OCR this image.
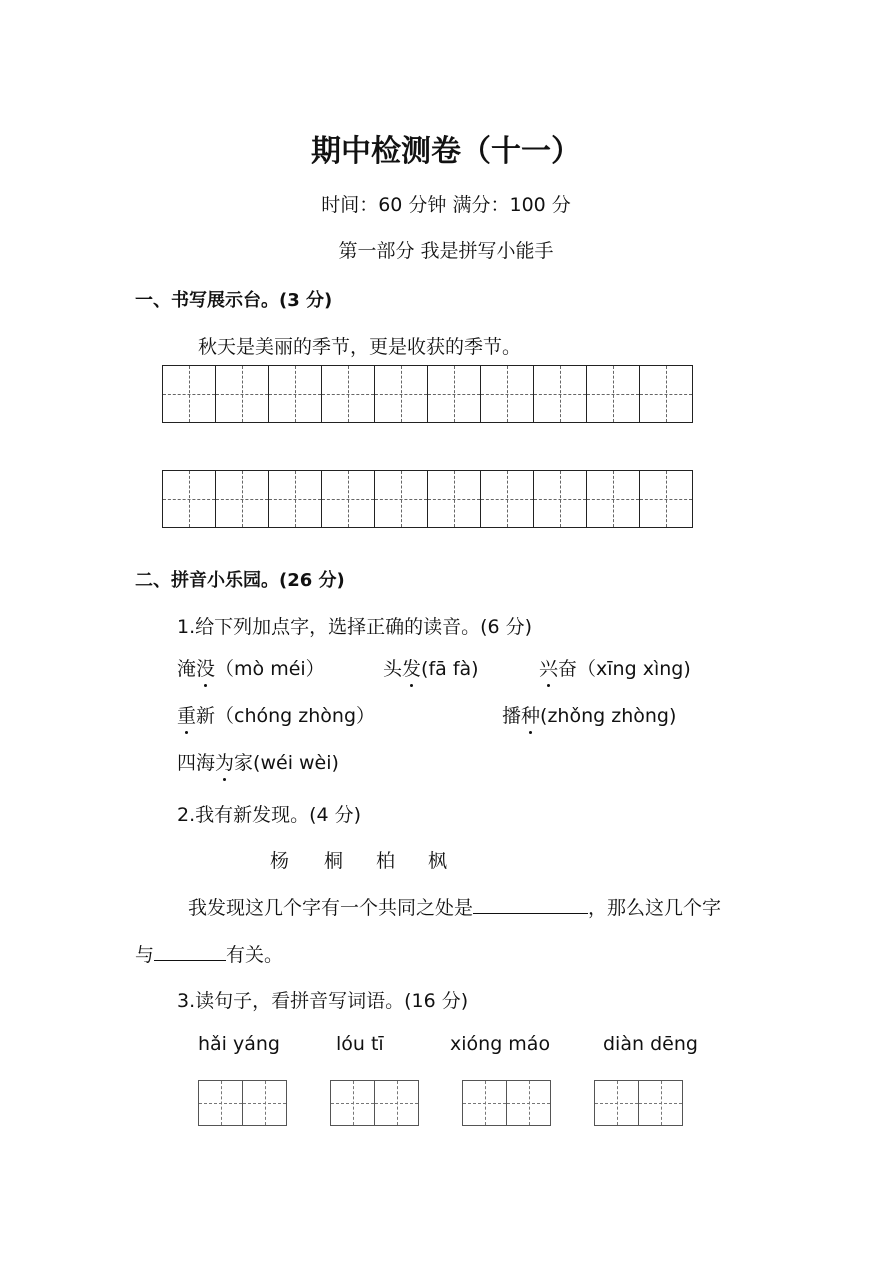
期中检测卷（十一）
时间：60 分钟 满分：100 分
第一部分 我是拼写小能手
一、书写展示台。(3 分)
秋天是美丽的季节，更是收获的季节。
二、拼音小乐园。(26 分)
1.给下列加点字，选择正确的读音。(6 分)
淹没（mò méi）	头发(fā fà)	兴奋（xīng xìng)
重新（chóng zhòng）	播种(zhǒng zhòng)
四海为家(wéi wèi)
2.我有新发现。(4 分)
杨 桐 柏 枫
我发现这几个字有一个共同之处是	，那么这几个字
与	有关。
3.读句子，看拼音写词语。(16 分)
hǎi yáng	lóu tī	xióng máo	diàn dēng
